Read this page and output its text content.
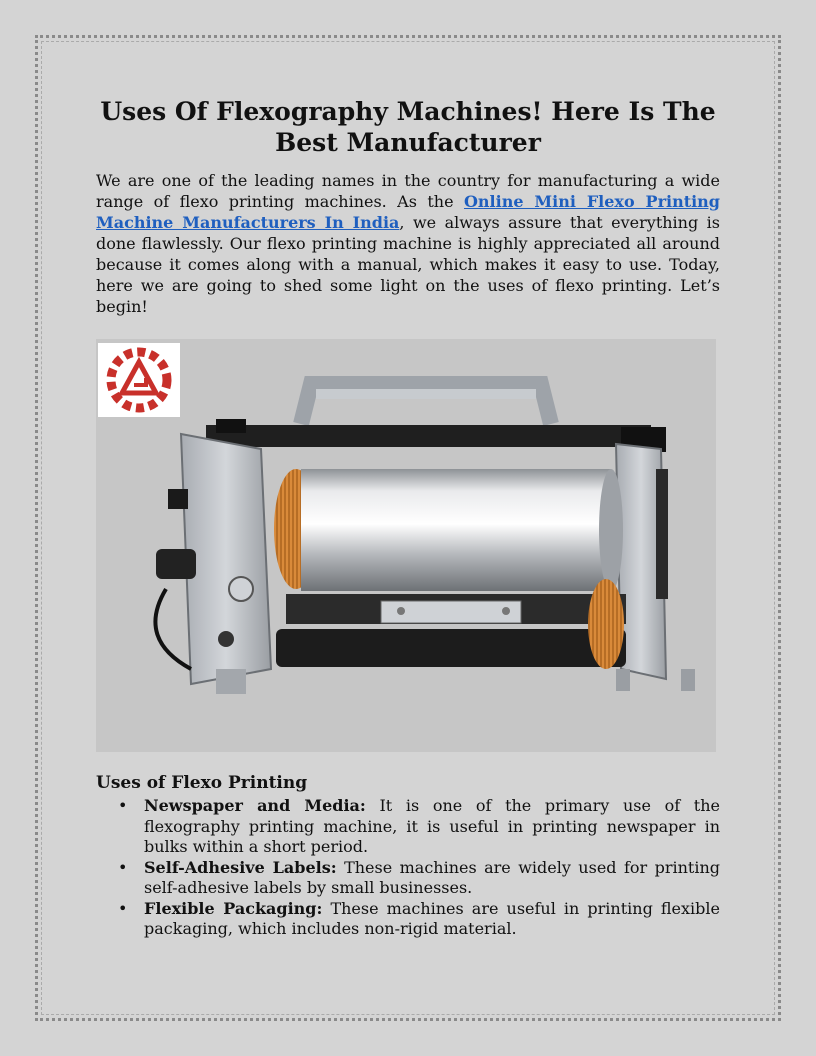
Uses Of Flexography Machines! Here Is The Best Manufacturer

We are one of the leading names in the country for manufacturing a wide range of flexo printing machines. As the Online Mini Flexo Printing Machine Manufacturers In India, we always assure that everything is done flawlessly. Our flexo printing machine is highly appreciated all around because it comes along with a manual, which makes it easy to use. Today, here we are going to shed some light on the uses of flexo printing. Let’s begin!

Uses of Flexo Printing
• Newspaper and Media: It is one of the primary use of the flexography printing machine, it is useful in printing newspaper in bulks within a short period.
• Self-Adhesive Labels: These machines are widely used for printing self-adhesive labels by small businesses.
• Flexible Packaging: These machines are useful in printing flexible packaging, which includes non-rigid material.
